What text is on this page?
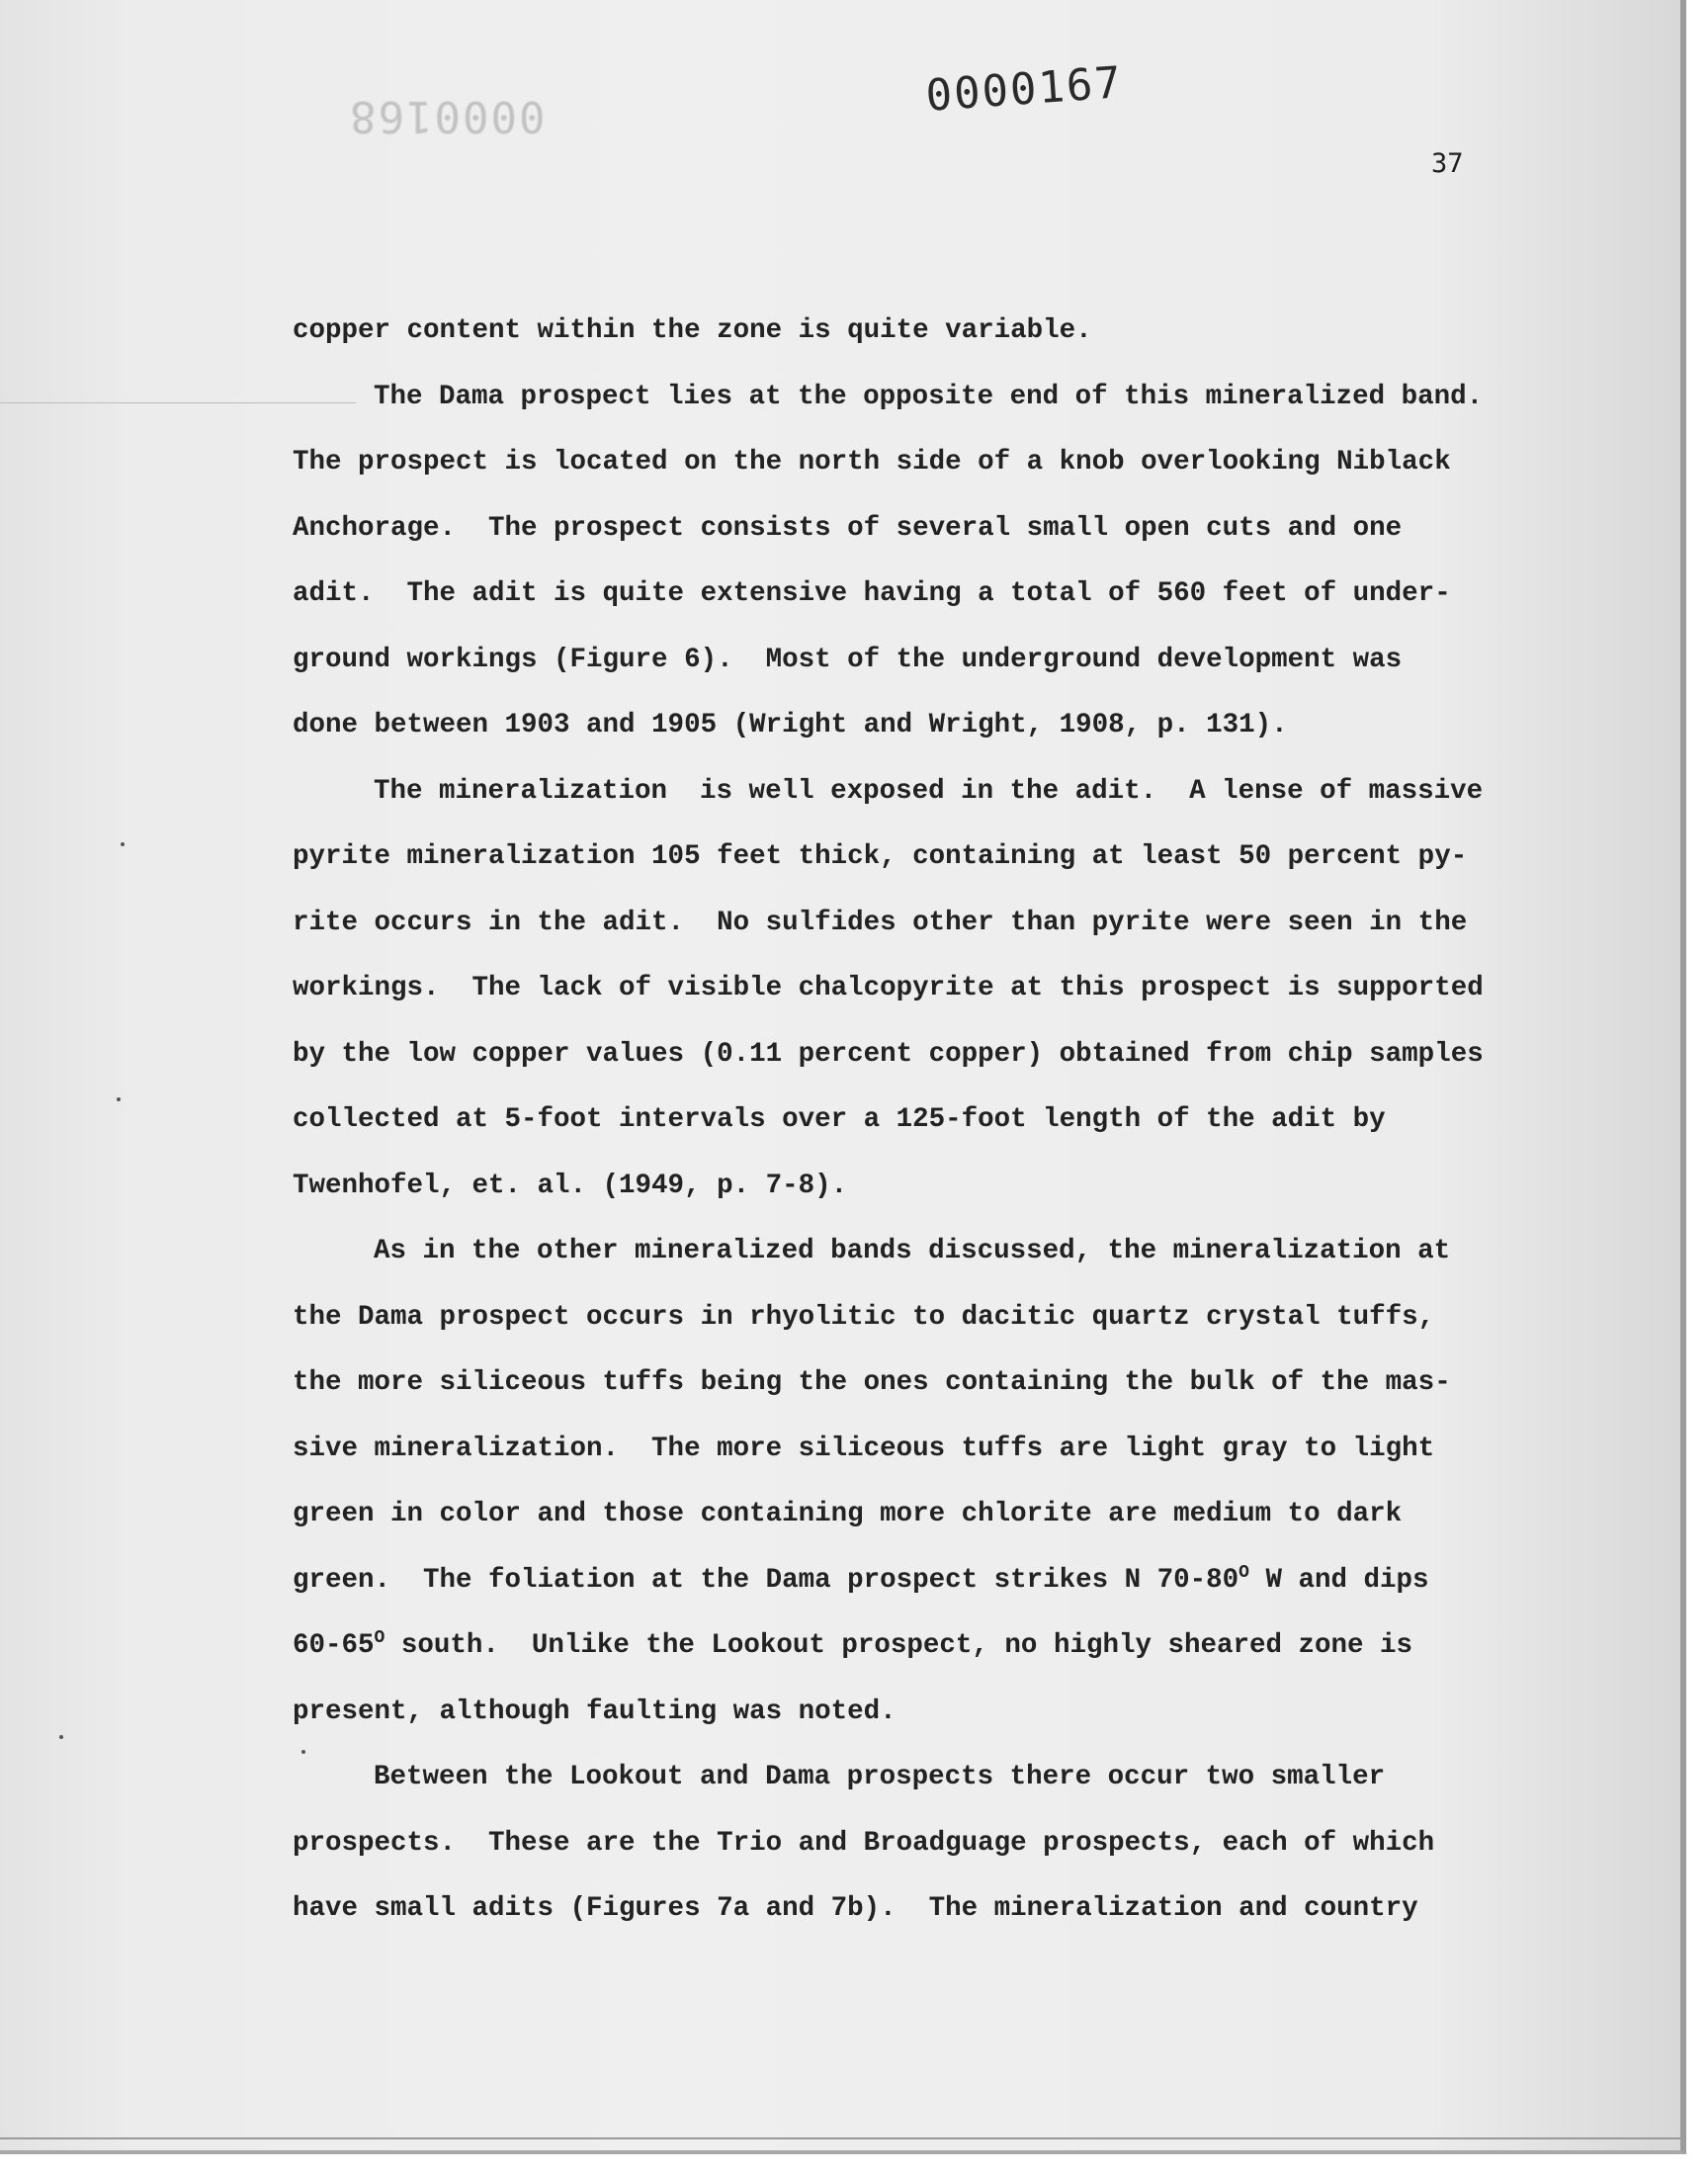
0000168	0000167
37
copper content within the zone is quite variable.
The Dama prospect lies at the opposite end of this mineralized band.
The prospect is located on the north side of a knob overlooking Niblack
Anchorage.  The prospect consists of several small open cuts and one
adit.  The adit is quite extensive having a total of 560 feet of under-
ground workings (Figure 6).  Most of the underground development was
done between 1903 and 1905 (Wright and Wright, 1908, p. 131).
The mineralization  is well exposed in the adit.  A lense of massive
pyrite mineralization 105 feet thick, containing at least 50 percent py-
rite occurs in the adit.  No sulfides other than pyrite were seen in the
workings.  The lack of visible chalcopyrite at this prospect is supported
by the low copper values (0.11 percent copper) obtained from chip samples
collected at 5-foot intervals over a 125-foot length of the adit by
Twenhofel, et. al. (1949, p. 7-8).
As in the other mineralized bands discussed, the mineralization at
the Dama prospect occurs in rhyolitic to dacitic quartz crystal tuffs,
the more siliceous tuffs being the ones containing the bulk of the mas-
sive mineralization.  The more siliceous tuffs are light gray to light
green in color and those containing more chlorite are medium to dark
green.  The foliation at the Dama prospect strikes N $70-80^O$ W and dips
$60-65^O$ south.  Unlike the Lookout prospect, no highly sheared zone is
present, although faulting was noted.
Between the Lookout and Dama prospects there occur two smaller
prospects.  These are the Trio and Broadguage prospects, each of which
have small adits (Figures 7a and 7b).  The mineralization and country
